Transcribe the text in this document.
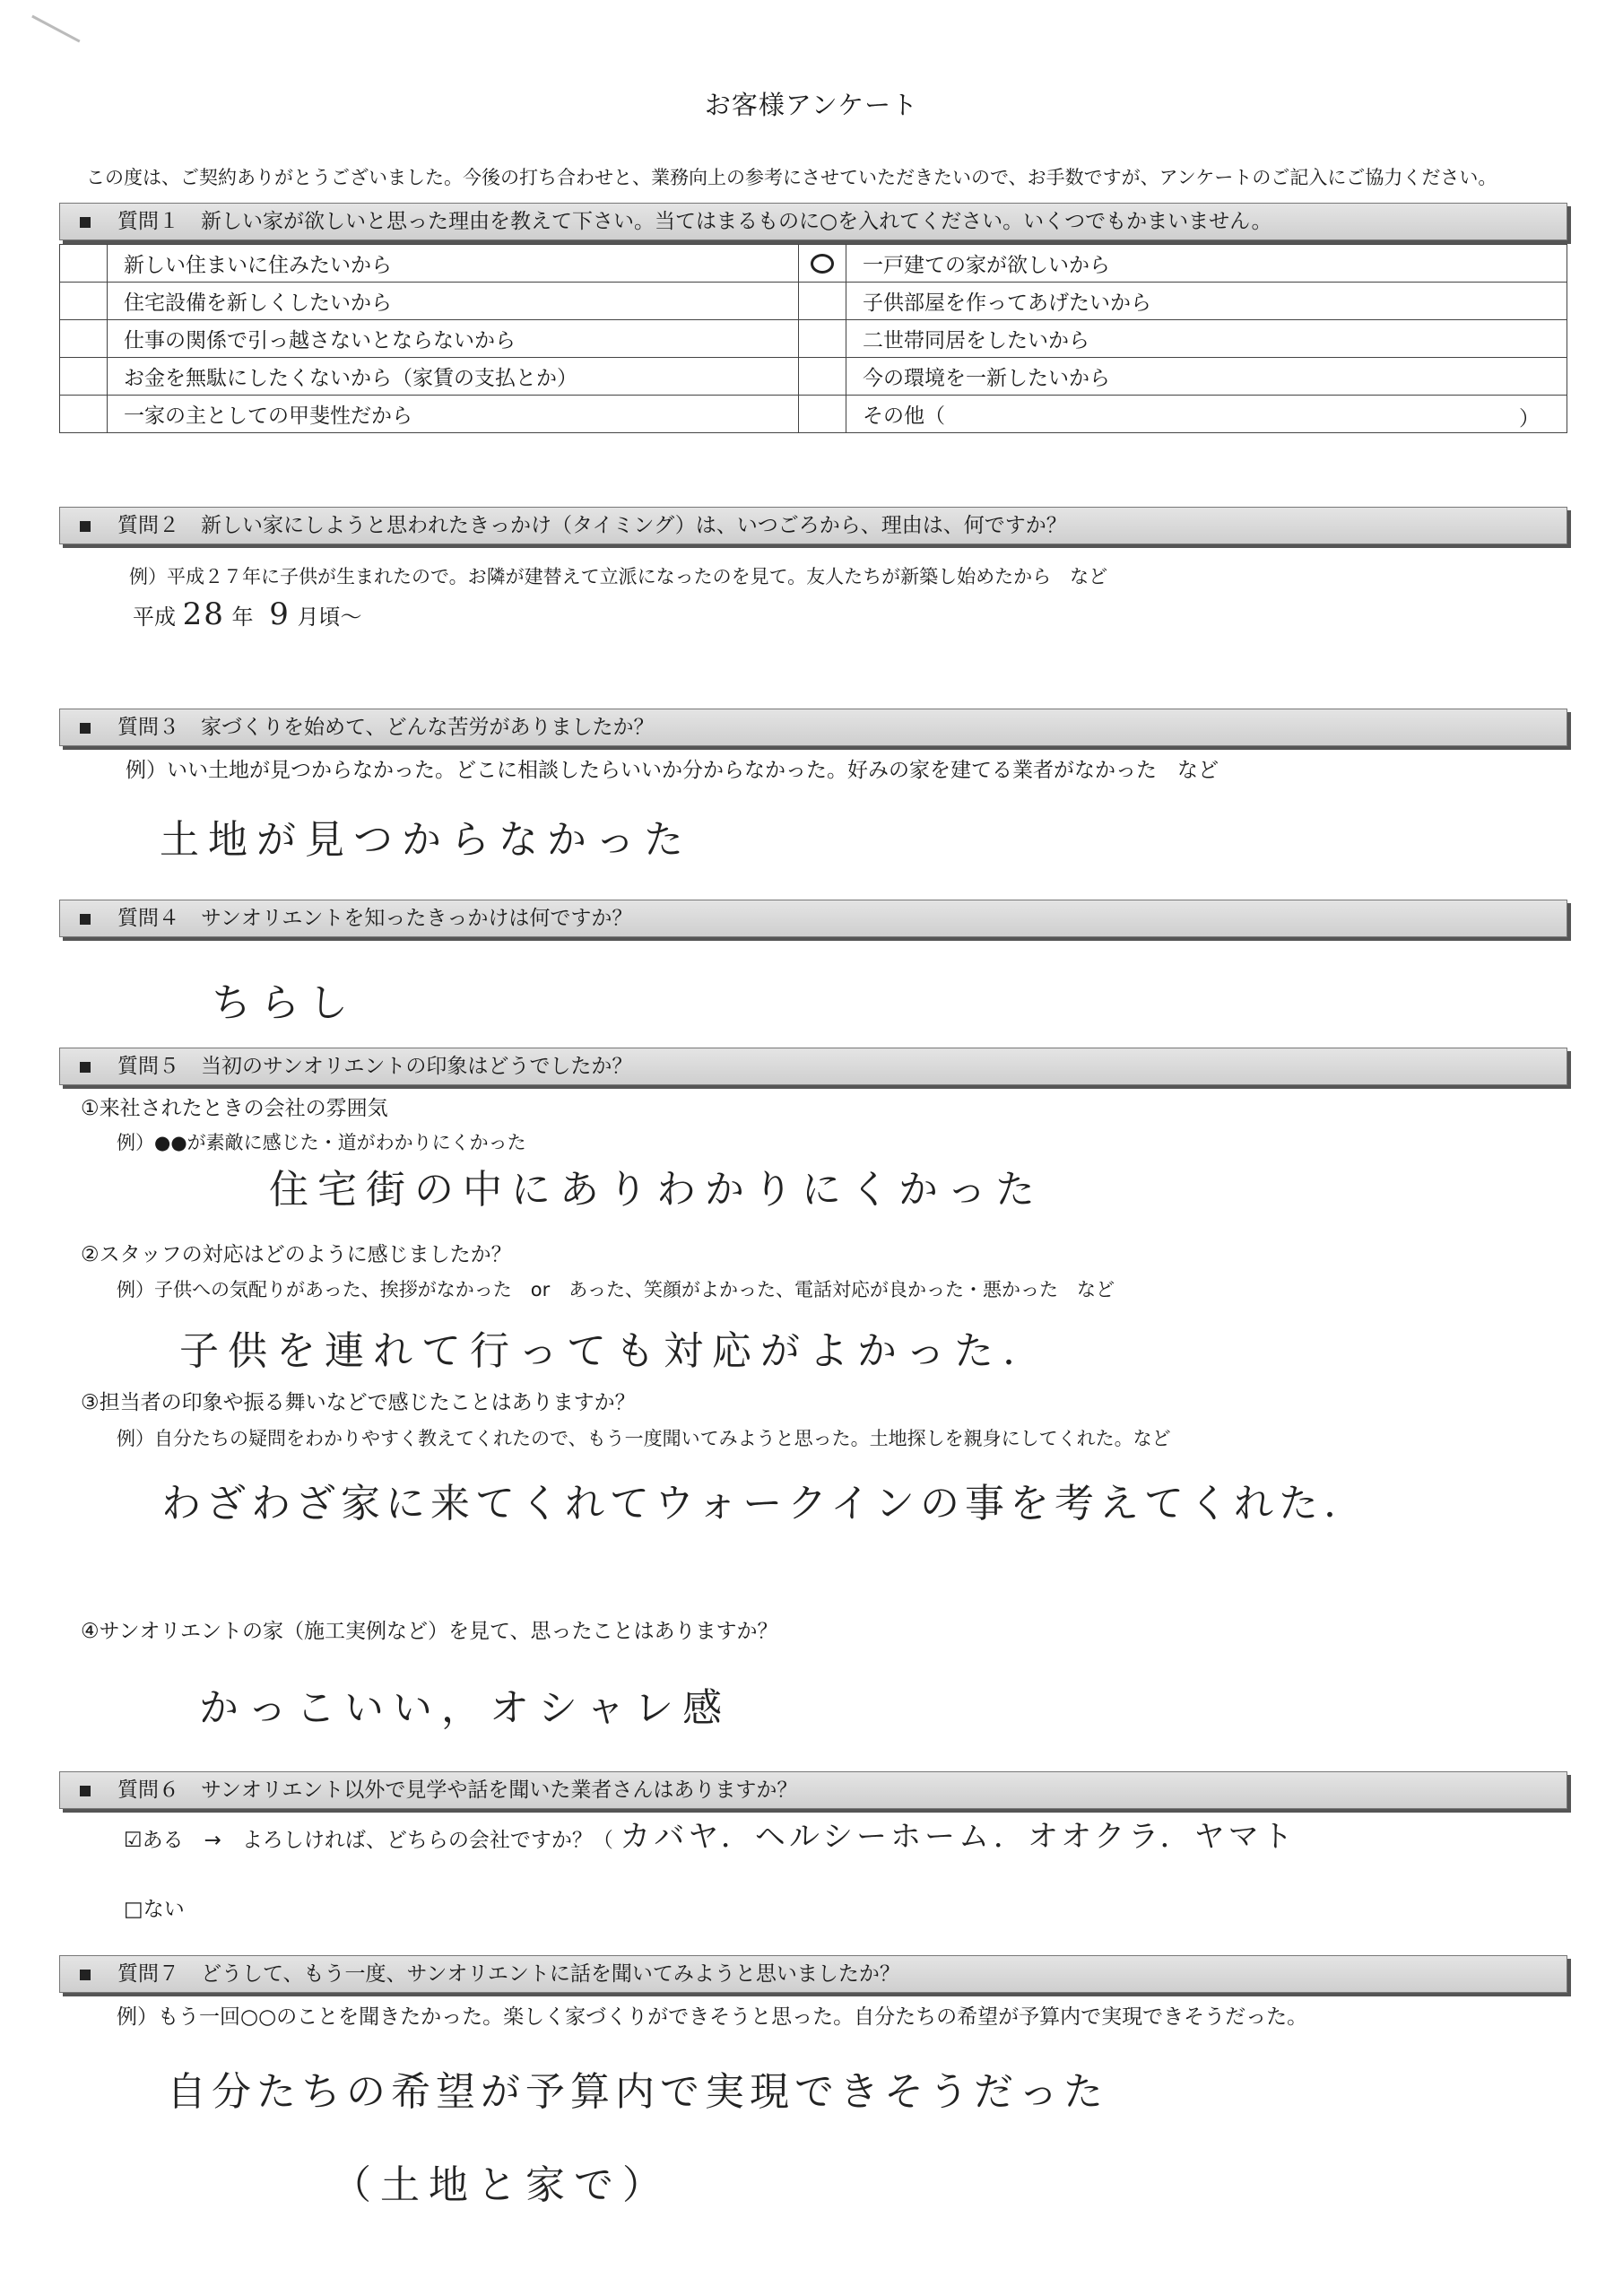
お客様アンケート
この度は、ご契約ありがとうございました。今後の打ち合わせと、業務向上の参考にさせていただきたいので、お手数ですが、アンケートのご記入にご協力ください。
質問１ 新しい家が欲しいと思った理由を教えて下さい。当てはまるものに○を入れてください。いくつでもかまいません。
	新しい住まいに住みたいから		一戸建ての家が欲しいから
	住宅設備を新しくしたいから		子供部屋を作ってあげたいから
	仕事の関係で引っ越さないとならないから		二世帯同居をしたいから
	お金を無駄にしたくないから（家賃の支払とか）		今の環境を一新したいから
	一家の主としての甲斐性だから		その他（ ）
質問２ 新しい家にしようと思われたきっかけ（タイミング）は、いつごろから、理由は、何ですか？
例）平成２７年に子供が生まれたので。お隣が建替えて立派になったのを見て。友人たちが新築し始めたから　など
平成 28 年 9 月頃～
質問３ 家づくりを始めて、どんな苦労がありましたか？
例）いい土地が見つからなかった。どこに相談したらいいか分からなかった。好みの家を建てる業者がなかった　など
土地が見つからなかった
質問４ サンオリエントを知ったきっかけは何ですか？
ちらし
質問５ 当初のサンオリエントの印象はどうでしたか？
①来社されたときの会社の雰囲気
例）●●が素敵に感じた・道がわかりにくかった
住宅街の中にありわかりにくかった
②スタッフの対応はどのように感じましたか？
例）子供への気配りがあった、挨拶がなかった　or　あった、笑顔がよかった、電話対応が良かった・悪かった　など
子供を連れて行っても対応がよかった.
③担当者の印象や振る舞いなどで感じたことはありますか？
例）自分たちの疑問をわかりやすく教えてくれたので、もう一度聞いてみようと思った。土地探しを親身にしてくれた。など
わざわざ家に来てくれてウォークインの事を考えてくれた.
④サンオリエントの家（施工実例など）を見て、思ったことはありますか？
かっこいい，オシャレ感
質問６ サンオリエント以外で見学や話を聞いた業者さんはありますか？
☑ある　→　よろしければ、どちらの会社ですか？（ カバヤ．ヘルシーホーム．オオクラ．ヤマト
□ない
質問７ どうして、もう一度、サンオリエントに話を聞いてみようと思いましたか？
例）もう一回○○のことを聞きたかった。楽しく家づくりができそうと思った。自分たちの希望が予算内で実現できそうだった。
自分たちの希望が予算内で実現できそうだった
（土地と家で）
